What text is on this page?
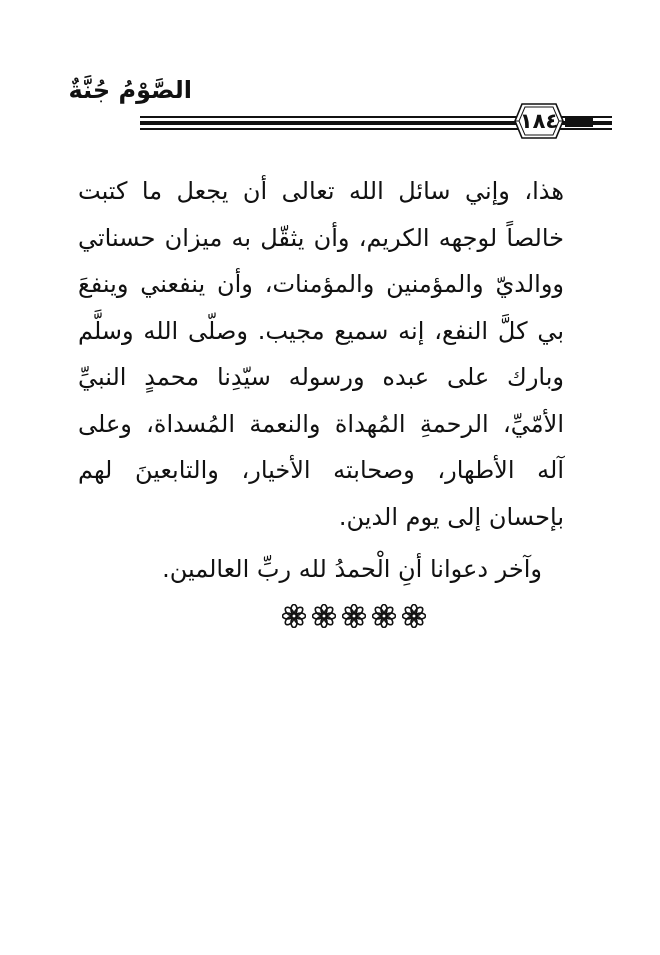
الصَّوْمُ جُنَّةٌ
١٨٤

هذا، وإني سائل الله تعالى أن يجعل ما كتبت خالصاً لوجهه الكريم، وأن يثقّل به ميزان حسناتي ووالديّ والمؤمنين والمؤمنات، وأن ينفعني وينفعَ بي كلَّ النفع، إنه سميع مجيب. وصلّى الله وسلَّم وبارك على عبده ورسوله سيّدِنا محمدٍ النبيِّ الأمّيِّ، الرحمةِ المُهداة والنعمة المُسداة، وعلى آله الأطهار، وصحابته الأخيار، والتابعينَ لهم بإحسان إلى يوم الدين.

وآخر دعوانا أنِ الْحمدُ لله ربِّ العالمين.
